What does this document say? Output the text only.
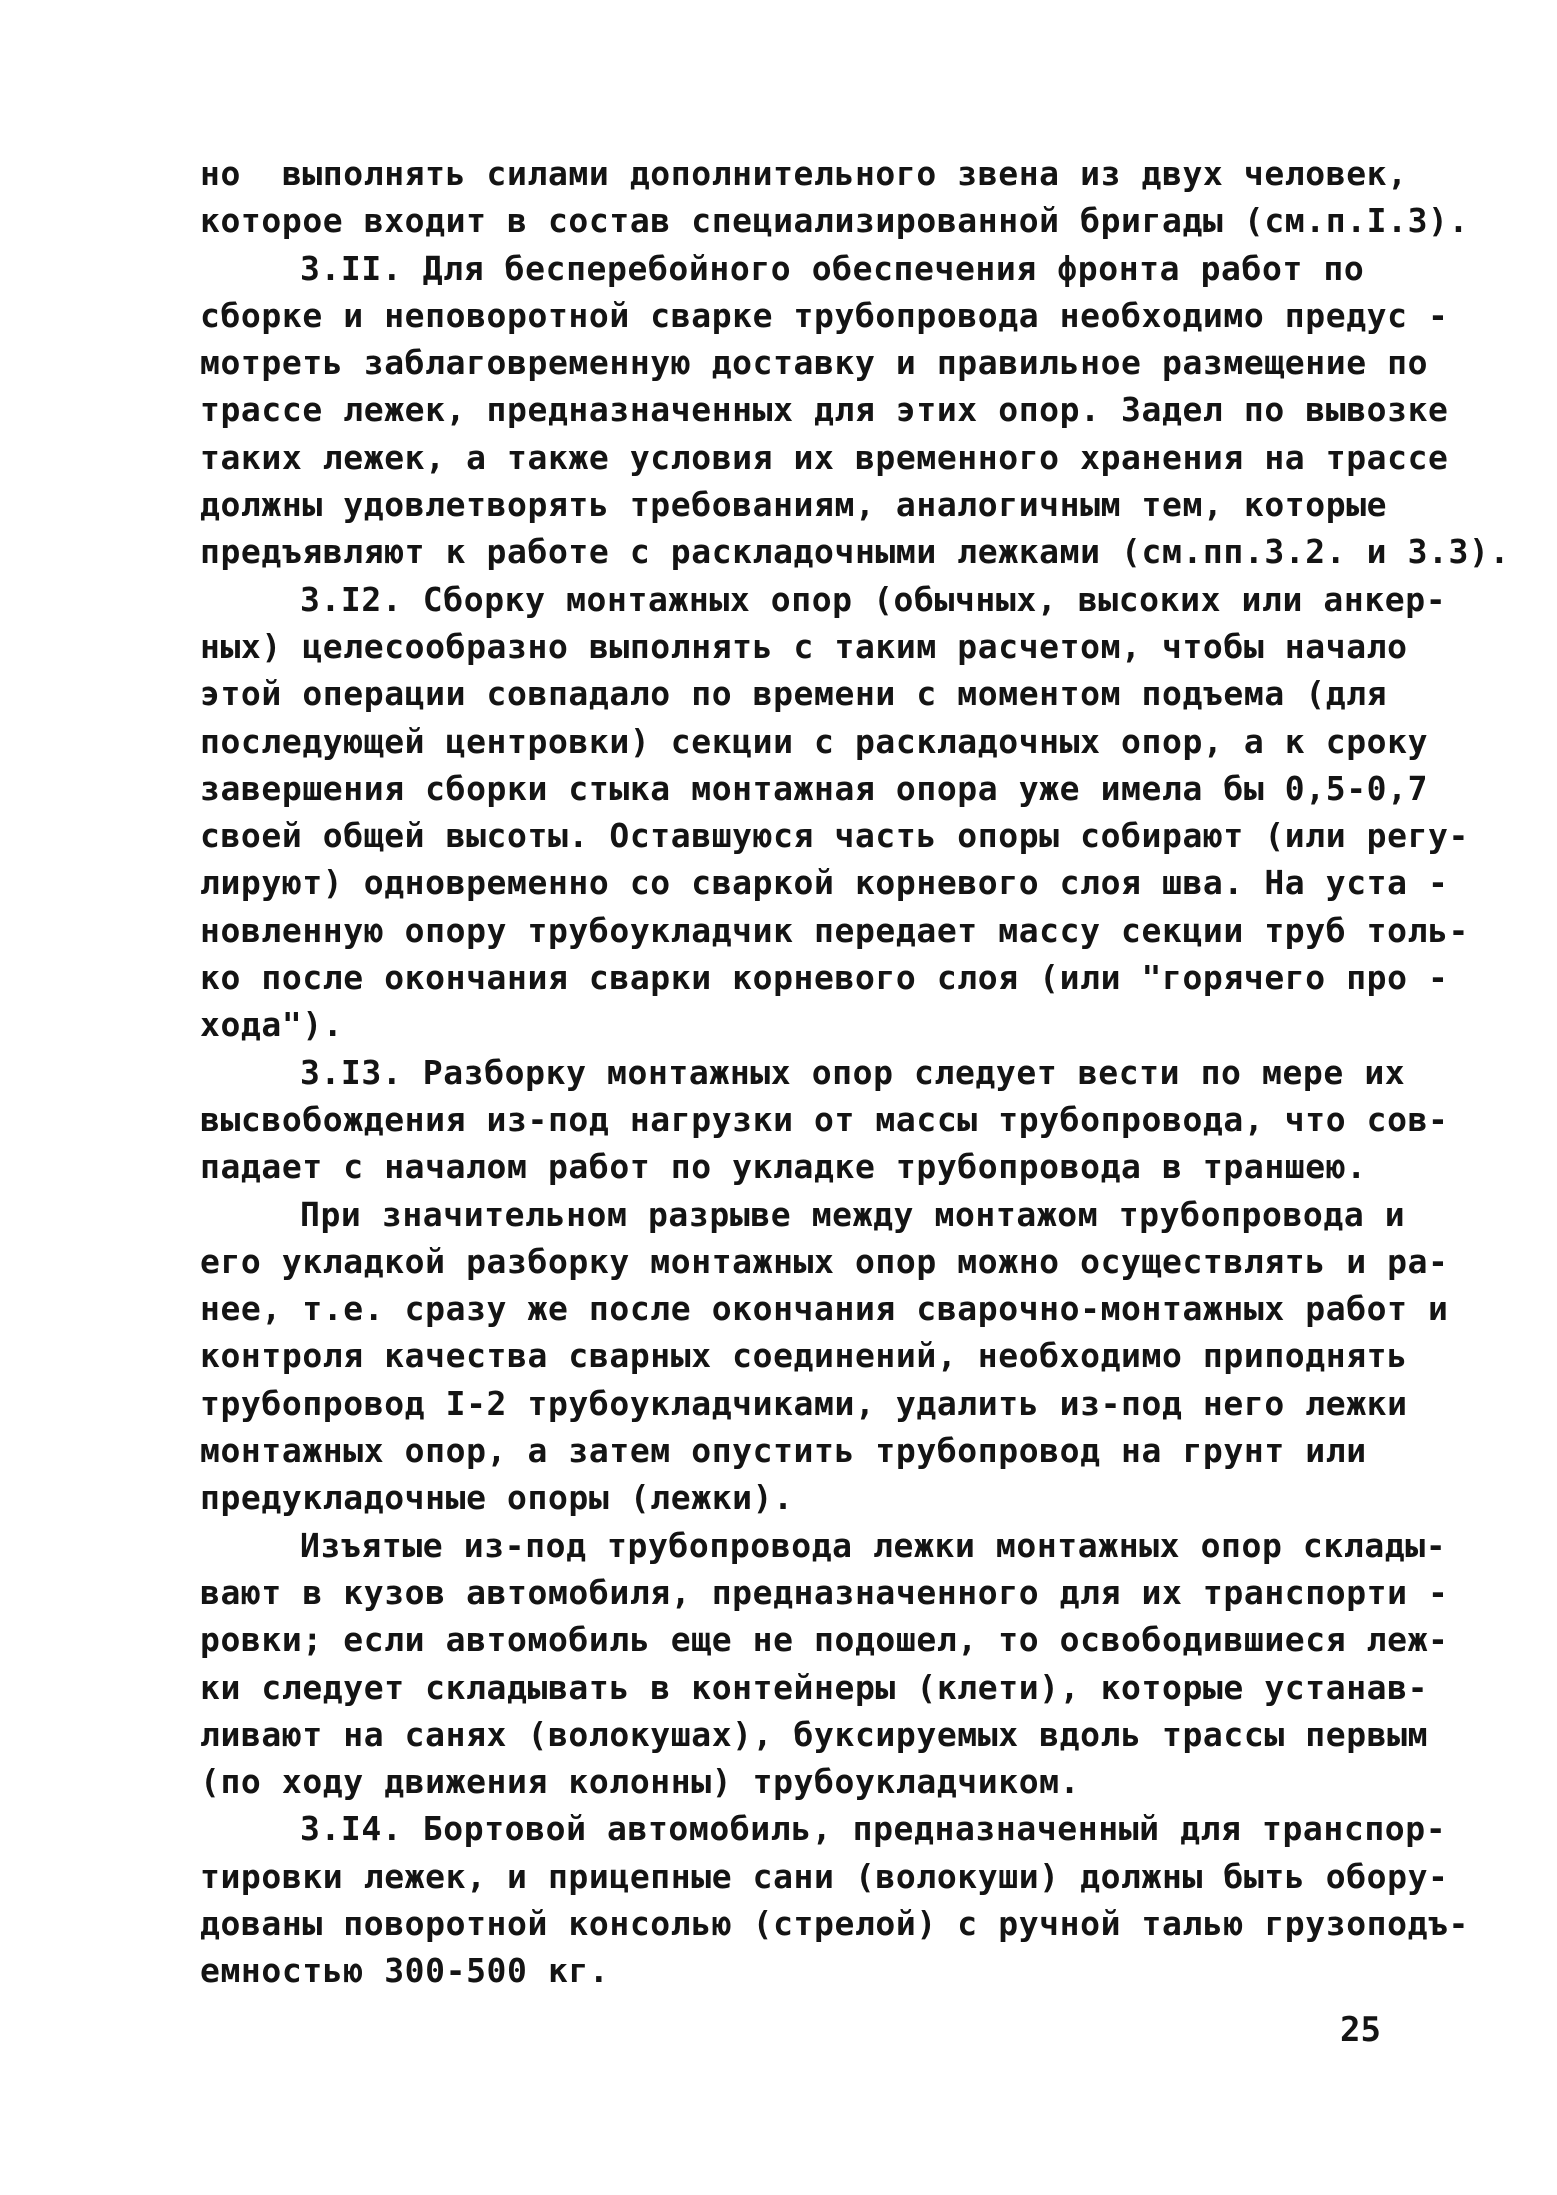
но  выполнять силами дополнительного звена из двух человек,
которое входит в состав специализированной бригады (см.п.I.3).
3.II. Для бесперебойного обеспечения фронта работ по
сборке и неповоротной сварке трубопровода необходимо предус -
мотреть заблаговременную доставку и правильное размещение по
трассе лежек, предназначенных для этих опор. Задел по вывозке
таких лежек, а также условия их временного хранения на трассе
должны удовлетворять требованиям, аналогичным тем, которые
предъявляют к работе с раскладочными лежками (см.пп.3.2. и 3.3).
3.I2. Сборку монтажных опор (обычных, высоких или анкер-
ных) целесообразно выполнять с таким расчетом, чтобы начало
этой операции совпадало по времени с моментом подъема (для
последующей центровки) секции с раскладочных опор, а к сроку
завершения сборки стыка монтажная опора уже имела бы 0,5-0,7
своей общей высоты. Оставшуюся часть опоры собирают (или регу-
лируют) одновременно со сваркой корневого слоя шва. На уста -
новленную опору трубоукладчик передает массу секции труб толь-
ко после окончания сварки корневого слоя (или "горячего про -
хода").
3.I3. Разборку монтажных опор следует вести по мере их
высвобождения из-под нагрузки от массы трубопровода, что сов-
падает с началом работ по укладке трубопровода в траншею.
При значительном разрыве между монтажом трубопровода и
его укладкой разборку монтажных опор можно осуществлять и ра-
нее, т.е. сразу же после окончания сварочно-монтажных работ и
контроля качества сварных соединений, необходимо приподнять
трубопровод I-2 трубоукладчиками, удалить из-под него лежки
монтажных опор, а затем опустить трубопровод на грунт или
предукладочные опоры (лежки).
Изъятые из-под трубопровода лежки монтажных опор склады-
вают в кузов автомобиля, предназначенного для их транспорти -
ровки; если автомобиль еще не подошел, то освободившиеся леж-
ки следует складывать в контейнеры (клети), которые устанав-
ливают на санях (волокушах), буксируемых вдоль трассы первым
(по ходу движения колонны) трубоукладчиком.
3.I4. Бортовой автомобиль, предназначенный для транспор-
тировки лежек, и прицепные сани (волокуши) должны быть обору-
дованы поворотной консолью (стрелой) с ручной талью грузоподъ-
емностью 300-500 кг.
25
